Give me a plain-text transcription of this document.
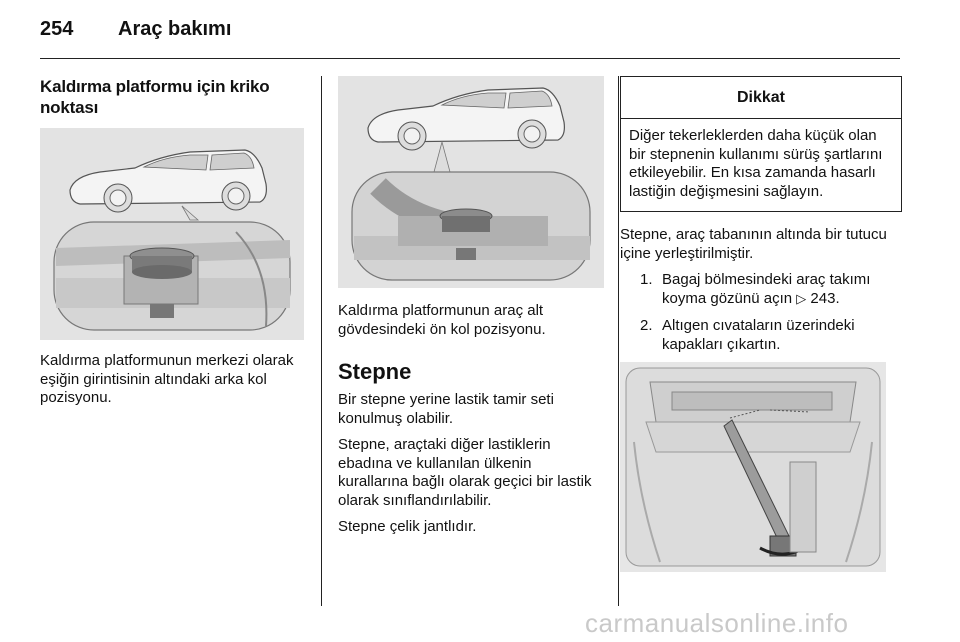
254 Araç bakımı
Kaldırma platformu için kriko noktası
Kaldırma platformunun merkezi olarak eşiğin girintisinin altındaki arka kol pozisyonu.
Kaldırma platformunun araç alt gövdesindeki ön kol pozisyonu.
Stepne
Bir stepne yerine lastik tamir seti konulmuş olabilir.
Stepne, araçtaki diğer lastiklerin ebadına ve kullanılan ülkenin kurallarına bağlı olarak geçici bir lastik olarak sınıflandırılabilir.
Stepne çelik jantlıdır.
Dikkat
Diğer tekerleklerden daha küçük olan bir stepnenin kullanımı sürüş şartlarını etkileyebilir. En kısa zamanda hasarlı lastiğin değişmesini sağlayın.
Stepne, araç tabanının altında bir tutucu içine yerleştirilmiştir.
1. Bagaj bölmesindeki araç takımı koyma gözünü açın ▷ 243.
2. Altıgen cıvataların üzerindeki kapakları çıkartın.
carmanualsonline.info
